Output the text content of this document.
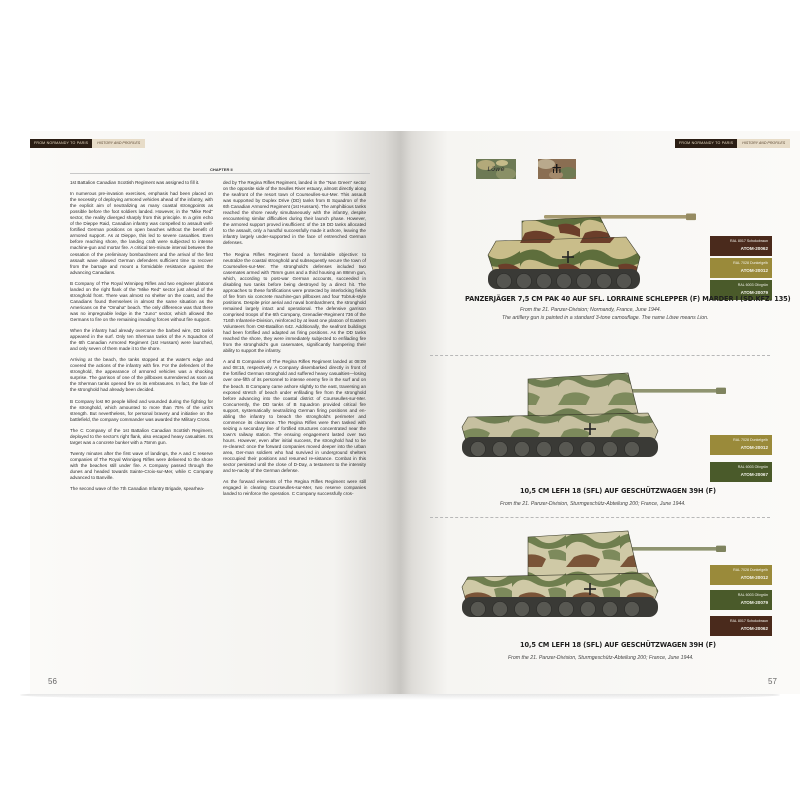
FROM NORMANDY TO PARIS	HISTORY AND PROFILES
CHAPTER II

1st Battalion Canadian Scottish Regiment was assigned to fill it.

In numerous pre-invasion exercises, emphasis had been placed on the necessity of deploying armored vehicles ahead of the infantry, with the explicit aim of neutralizing as many coastal strongpoints as possible before the foot soldiers landed. However, in the "Mike Red" sector, the reality diverged sharply from this principle. In a grim echo of the Dieppe Raid, Canadian infantry was compelled to assault well-fortified German positions on open beaches without the benefit of armored support. As at Dieppe, this led to severe casualties. Even before reaching shore, the landing craft were subjected to intense machine-gun and mortar fire. A critical ten-minute interval between the cessation of the preliminary bombardment and the arrival of the first assault wave allowed German defenders sufficient time to recover from the barrage and mount a formidable resistance against the advancing Canadians.

B Company of The Royal Winnipeg Rifles and two engineer platoons landed on the right flank of the "Mike Red" sector just ahead of the stronghold front. There was almost no shelter on the coast, and the Canadians found themselves in almost the same situation as the Americans on the "Omaha" beach. The only difference was that there was no impregnable ledge in the "Juno" sector, which allowed the Germans to fire on the remaining invading forces without fire support.

When the infantry had already overcome the barbed wire, DD tanks appeared in the surf. Only ten Sherman tanks of the A Squadron of the 6th Canadian Armored Regiment (1st Hussars) were launched, and only seven of them made it to the shore.

Arriving at the beach, the tanks stopped at the water's edge and covered the actions of the infantry with fire. For the defenders of the stronghold, the appearance of armored vehicles was a shocking surprise. The garrison of one of the pillboxes surrendered as soon as the Sherman tanks opened fire on its embrasures. In fact, the fate of the stronghold had already been decided.

B Company lost 90 people killed and wounded during the fighting for the stronghold, which amounted to more than 75% of the unit's strength. But nevertheless, for personal bravery and initiative on the battlefield, the company commander was awarded the Military Cross.

The C Company of the 1st Battalion Canadian Scottish Regiment, deployed to the sector's right flank, also escaped heavy casualties. Its target was a concrete bunker with a 75mm gun.

Twenty minutes after the first wave of landings, the A and C reserve companies of The Royal Winnipeg Rifles were delivered to the shore with the beaches still under fire. A Company passed through the dunes and headed towards Sainte-Croix-sur-Mer, while C Company advanced to Banville.

The second wave of the 7th Canadian Infantry Brigade, spearhea-

ded by The Regina Rifles Regiment, landed in the "Nan Green" sector on the opposite side of the Seulles River estuary, almost directly along the seafront of the resort town of Courseulles-sur-Mer. This assault was supported by Duplex Drive (DD) tanks from B Squadron of the 6th Canadian Armored Regiment (1st Hussars). The amphibious tanks reached the shore nearly simultaneously with the infantry, despite encountering similar difficulties during their launch phase. However, the armored support proved insufficient: of the 19 DD tanks allocated to the assault, only a handful successfully made it ashore, leaving the infantry largely under-supported in the face of entrenched German defenses.

The Regina Rifles Regiment faced a formidable objective: to neutralize the coastal stronghold and subsequently secure the town of Courseulles-sur-Mer. The stronghold's defenses included two casemates armed with 75mm guns and a third housing an 88mm gun, which, according to post-war German accounts, succeeded in disabling two tanks before being destroyed by a direct hit. The approaches to these fortifications were protected by interlocking fields of fire from six concrete machine-gun pillboxes and four Tobruk-style positions. Despite prior aerial and naval bombardment, the stronghold remained largely intact and operational. The defensive garrison comprised troops of the 6th Company, Grenadier-Regiment 736 of the 716th Infanterie-Division, reinforced by at least one platoon of Eastern Volunteers from Ost-Bataillon 642. Additionally, the seafront buildings had been fortified and adapted as firing positions. As the DD tanks reached the shore, they were immediately subjected to enfilading fire from the stronghold's gun casemates, significantly hampering their ability to support the infantry.

A and B Companies of The Regina Rifles Regiment landed at 08:09 and 08:15, respectively. A Company disembarked directly in front of the fortified German stronghold and suffered heavy casualties—losing over one-fifth of its personnel to intense enemy fire in the surf and on the beach. B Company came ashore slightly to the east, traversing an exposed stretch of beach under enfilading fire from the stronghold before advancing into the coastal district of Courseulles-sur-Mer. Concurrently, the DD tanks of B Squadron provided critical fire support, systematically neutralizing German firing positions and en-abling the infantry to breach the stronghold's perimeter and commence its clearance. The Regina Rifles were then tasked with seizing a secondary line of fortified structures concentrated near the town's railway station. The ensuing engagement lasted over two hours. However, even after initial success, the stronghold had to be re-cleared: once the forward companies moved deeper into the urban area, Ger-man soldiers who had survived in underground shelters reoccupied their positions and resumed re-sistance. Combat in this sector persisted until the close of D-Day, a testament to the intensity and te-nacity of the German defense.

As the forward elements of The Regina Rifles Regiment were still engaged in clearing Courseulles-sur-Mer, two reserve companies landed to reinforce the operation. C Company successfully cros-

56
FROM NORMANDY TO PARIS	HISTORY AND PROFILES
Löwe
RAL 8017 Schokobraun
ATOM-20062
RAL 7028 Dunkelgelb
ATOM-20012
RAL 6003 Olivgrün
ATOM-20079
PANZERJÄGER 7,5 CM PAK 40 AUF SFL. LORRAINE SCHLEPPER (F) MARDER I (SD.KFZ. 135)
From the 21. Panzer-Division; Normandy, France, June 1944.
The artillery gun is painted in a standard 3-tone camouflage. The name Löwe means Lion.
RAL 7028 Dunkelgelb
ATOM-20012
RAL 6003 Olivgrün
ATOM-20067
10,5 CM LEFH 18 (SFL) AUF GESCHÜTZWAGEN 39H (F)
From the 21. Panzer-Division, Sturmgeschütz-Abteilung 200; France, June 1944.
RAL 7028 Dunkelgelb
ATOM-20012
RAL 6003 Olivgrün
ATOM-20079
RAL 8017 Schokobraun
ATOM-20062
10,5 CM LEFH 18 (SFL) AUF GESCHÜTZWAGEN 39H (F)
From the 21. Panzer-Division, Sturmgeschütz-Abteilung 200; France, June 1944.
57
